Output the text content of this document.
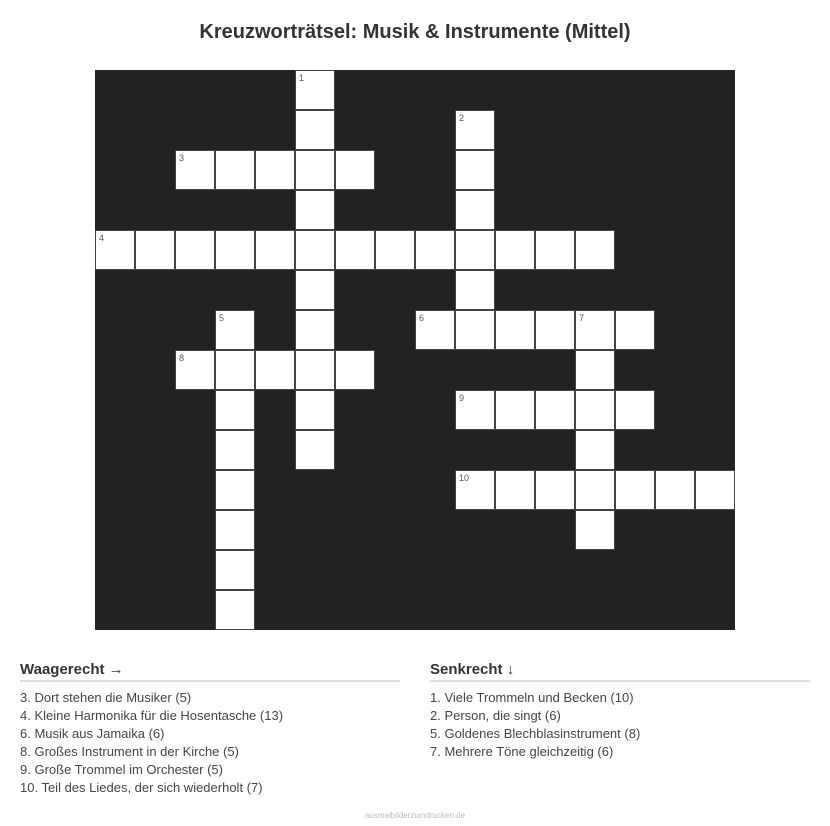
Kreuzworträtsel: Musik & Instrumente (Mittel)
1
2
3
4
5	6	7
8
9
10
Waagerecht →
3. Dort stehen die Musiker (5)
4. Kleine Harmonika für die Hosentasche (13)
6. Musik aus Jamaika (6)
8. Großes Instrument in der Kirche (5)
9. Große Trommel im Orchester (5)
10. Teil des Liedes, der sich wiederholt (7)
Senkrecht ↓
1. Viele Trommeln und Becken (10)
2. Person, die singt (6)
5. Goldenes Blechblasinstrument (8)
7. Mehrere Töne gleichzeitig (6)
ausmalbilderzumdrucken.de
